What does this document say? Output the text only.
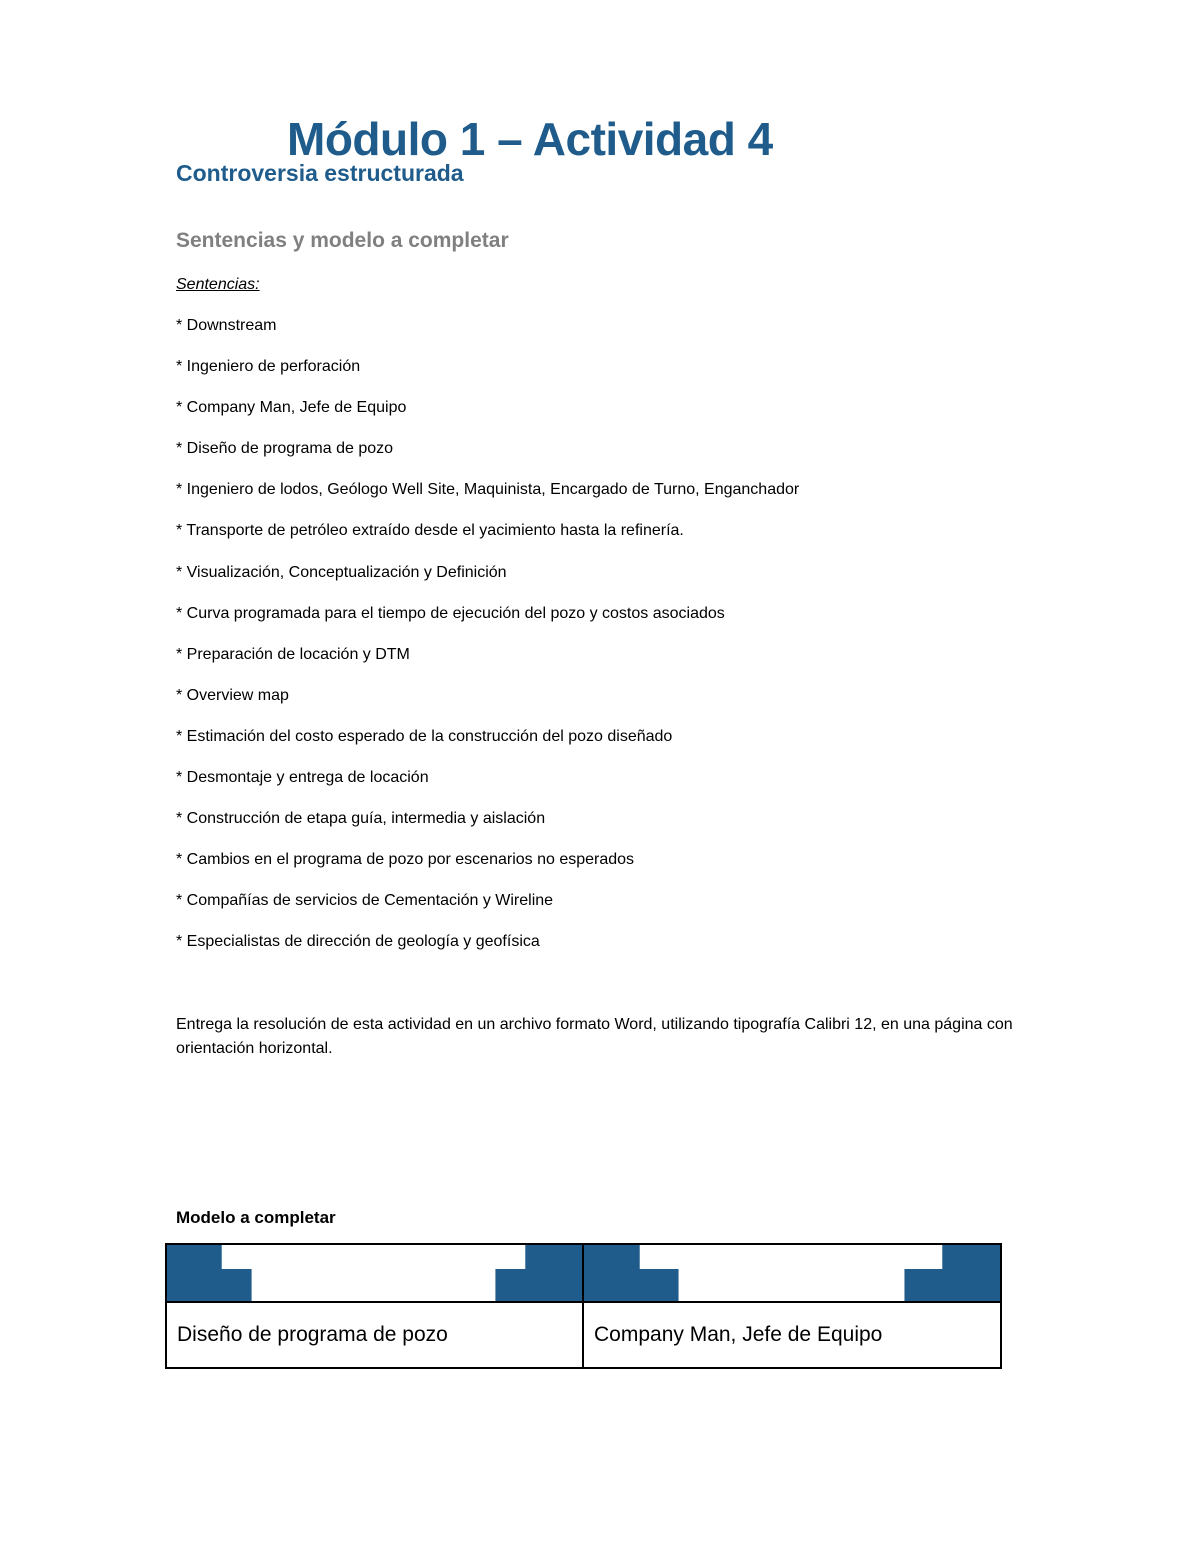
Módulo 1 – Actividad 4
Controversia estructurada
Sentencias y modelo a completar

Sentencias:

* Downstream
* Ingeniero de perforación
* Company Man, Jefe de Equipo
* Diseño de programa de pozo
* Ingeniero de lodos, Geólogo Well Site, Maquinista, Encargado de Turno, Enganchador
* Transporte de petróleo extraído desde el yacimiento hasta la refinería.
* Visualización, Conceptualización y Definición
* Curva programada para el tiempo de ejecución del pozo y costos asociados
* Preparación de locación y DTM
* Overview map
* Estimación del costo esperado de la construcción del pozo diseñado
* Desmontaje y entrega de locación
* Construcción de etapa guía, intermedia y aislación
* Cambios en el programa de pozo por escenarios no esperados
* Compañías de servicios de Cementación y Wireline
* Especialistas de dirección de geología y geofísica

Entrega la resolución de esta actividad en un archivo formato Word, utilizando tipografía Calibri 12, en una página con orientación horizontal.

Modelo a completar

Diseño de programa de pozo	Company Man, Jefe de Equipo
